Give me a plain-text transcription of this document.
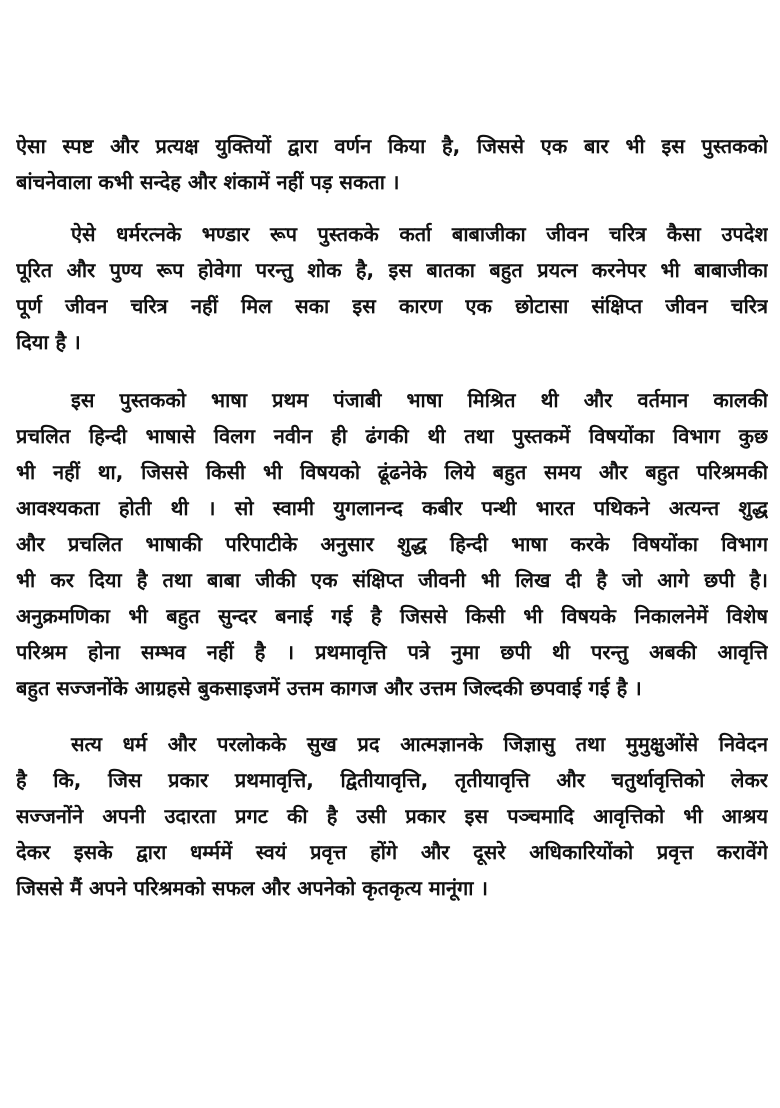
ऐसा स्पष्ट और प्रत्यक्ष युक्तियों द्वारा वर्णन किया है, जिससे एक बार भी इस पुस्तकको
बांचनेवाला कभी सन्देह और शंकामें नहीं पड़ सकता ।
ऐसे धर्मरत्नके भण्डार रूप पुस्तकके कर्ता बाबाजीका जीवन चरित्र कैसा उपदेश
पूरित और पुण्य रूप होवेगा परन्तु शोक है, इस बातका बहुत प्रयत्न करनेपर भी बाबाजीका
पूर्ण जीवन चरित्र नहीं मिल सका इस कारण एक छोटासा संक्षिप्त जीवन चरित्र
दिया है ।
इस पुस्तकको भाषा प्रथम पंजाबी भाषा मिश्रित थी और वर्तमान कालकी
प्रचलित हिन्दी भाषासे विलग नवीन ही ढंगकी थी तथा पुस्तकमें विषयोंका विभाग कुछ
भी नहीं था, जिससे किसी भी विषयको ढूंढनेके लिये बहुत समय और बहुत परिश्रमकी
आवश्यकता होती थी । सो स्वामी युगलानन्द कबीर पन्थी भारत पथिकने अत्यन्त शुद्ध
और प्रचलित भाषाकी परिपाटीके अनुसार शुद्ध हिन्दी भाषा करके विषयोंका विभाग
भी कर दिया है तथा बाबा जीकी एक संक्षिप्त जीवनी भी लिख दी है जो आगे छपी है।
अनुक्रमणिका भी बहुत सुन्दर बनाई गई है जिससे किसी भी विषयके निकालनेमें विशेष
परिश्रम होना सम्भव नहीं है । प्रथमावृत्ति पत्रे नुमा छपी थी परन्तु अबकी आवृत्ति
बहुत सज्जनोंके आग्रहसे बुकसाइजमें उत्तम कागज और उत्तम जिल्दकी छपवाई गई है ।
सत्य धर्म और परलोकके सुख प्रद आत्मज्ञानके जिज्ञासु तथा मुमुक्षुओंसे निवेदन
है कि, जिस प्रकार प्रथमावृत्ति, द्वितीयावृत्ति, तृतीयावृत्ति और चतुर्थावृत्तिको लेकर
सज्जनोंने अपनी उदारता प्रगट की है उसी प्रकार इस पञ्चमादि आवृत्तिको भी आश्रय
देकर इसके द्वारा धर्म्ममें स्वयं प्रवृत्त होंगे और दूसरे अधिकारियोंको प्रवृत्त करावेंगे
जिससे मैं अपने परिश्रमको सफल और अपनेको कृतकृत्य मानूंगा ।
